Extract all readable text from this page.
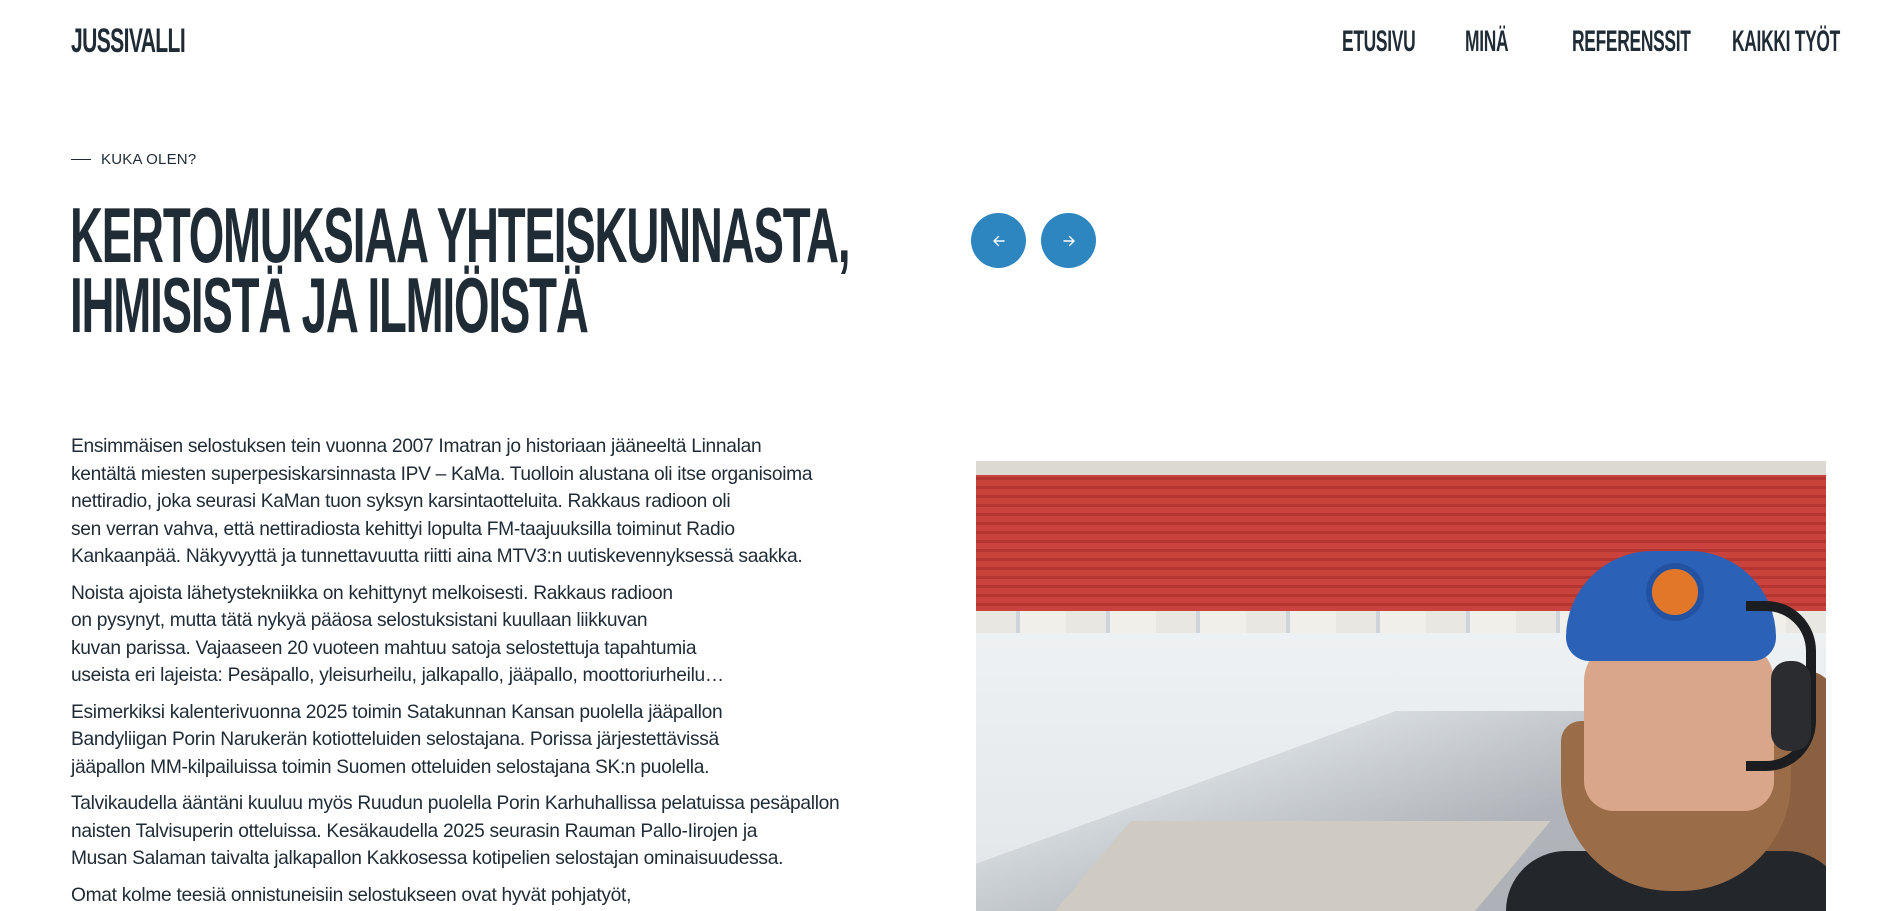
JUSSIVALLI	ETUSIVU MINÄ REFERENSSIT KAIKKI TYÖT
KUKA OLEN?
KERTOMUKSIAA YHTEISKUNNASTA,
IHMISISTÄ JA ILMIÖISTÄ

Ensimmäisen selostuksen tein vuonna 2007 Imatran jo historiaan jääneeltä Linnalan
kentältä miesten superpesiskarsinnasta IPV – KaMa. Tuolloin alustana oli itse organisoima
nettiradio, joka seurasi KaMan tuon syksyn karsintaotteluita. Rakkaus radioon oli
sen verran vahva, että nettiradiosta kehittyi lopulta FM-taajuuksilla toiminut Radio
Kankaanpää. Näkyvyyttä ja tunnettavuutta riitti aina MTV3:n uutiskevennyksessä saakka.

Noista ajoista lähetystekniikka on kehittynyt melkoisesti. Rakkaus radioon
on pysynyt, mutta tätä nykyä pääosa selostuksistani kuullaan liikkuvan
kuvan parissa. Vajaaseen 20 vuoteen mahtuu satoja selostettuja tapahtumia
useista eri lajeista: Pesäpallo, yleisurheilu, jalkapallo, jääpallo, moottoriurheilu…

Esimerkiksi kalenterivuonna 2025 toimin Satakunnan Kansan puolella jääpallon
Bandyliigan Porin Narukerän kotiotteluiden selostajana. Porissa järjestettävissä
jääpallon MM-kilpailuissa toimin Suomen otteluiden selostajana SK:n puolella.

Talvikaudella ääntäni kuuluu myös Ruudun puolella Porin Karhuhallissa pelatuissa pesäpallon
naisten Talvisuperin otteluissa. Kesäkaudella 2025 seurasin Rauman Pallo-Iirojen ja
Musan Salaman taivalta jalkapallon Kakkosessa kotipelien selostajan ominaisuudessa.

Omat kolme teesiä onnistuneisiin selostukseen ovat hyvät pohjatyöt,
